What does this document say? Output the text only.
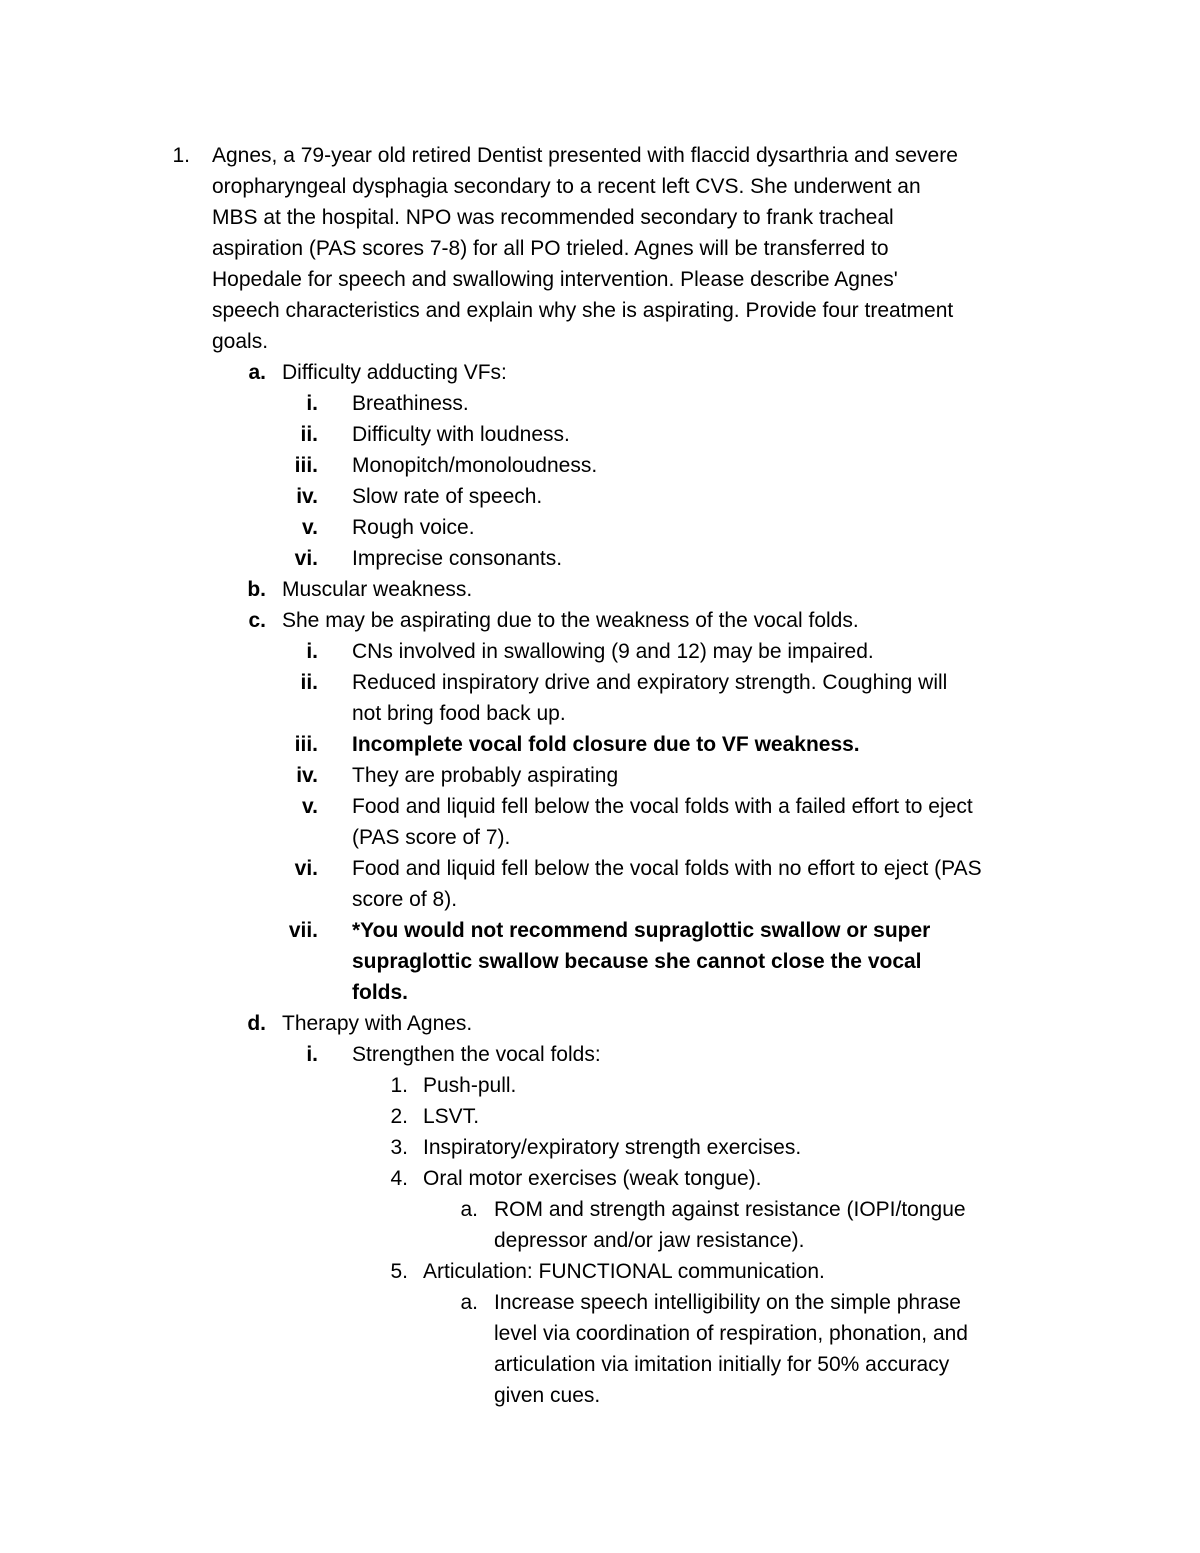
1. Agnes, a 79-year old retired Dentist presented with flaccid dysarthria and severe
oropharyngeal dysphagia secondary to a recent left CVS. She underwent an
MBS at the hospital. NPO was recommended secondary to frank tracheal
aspiration (PAS scores 7-8) for all PO trieled. Agnes will be transferred to
Hopedale for speech and swallowing intervention. Please describe Agnes'
speech characteristics and explain why she is aspirating. Provide four treatment
goals.
a. Difficulty adducting VFs:
i. Breathiness.
ii. Difficulty with loudness.
iii. Monopitch/monoloudness.
iv. Slow rate of speech.
v. Rough voice.
vi. Imprecise consonants.
b. Muscular weakness.
c. She may be aspirating due to the weakness of the vocal folds.
i. CNs involved in swallowing (9 and 12) may be impaired.
ii. Reduced inspiratory drive and expiratory strength. Coughing will
not bring food back up.
iii. Incomplete vocal fold closure due to VF weakness.
iv. They are probably aspirating
v. Food and liquid fell below the vocal folds with a failed effort to eject
(PAS score of 7).
vi. Food and liquid fell below the vocal folds with no effort to eject (PAS
score of 8).
vii. *You would not recommend supraglottic swallow or super
supraglottic swallow because she cannot close the vocal
folds.
d. Therapy with Agnes.
i. Strengthen the vocal folds:
1. Push-pull.
2. LSVT.
3. Inspiratory/expiratory strength exercises.
4. Oral motor exercises (weak tongue).
a. ROM and strength against resistance (IOPI/tongue
depressor and/or jaw resistance).
5. Articulation: FUNCTIONAL communication.
a. Increase speech intelligibility on the simple phrase
level via coordination of respiration, phonation, and
articulation via imitation initially for 50% accuracy
given cues.
